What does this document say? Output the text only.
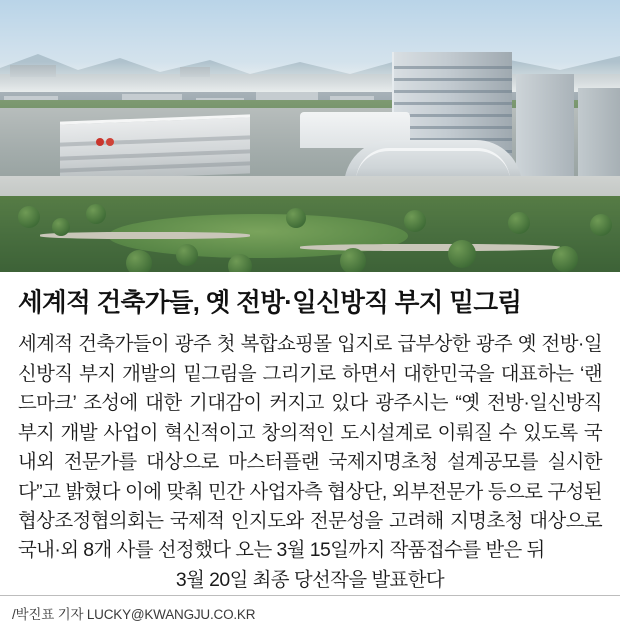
세계적 건축가들, 옛 전방·일신방직 부지 밑그림

세계적 건축가들이 광주 첫 복합쇼핑몰 입지로 급부상한 광주 옛 전방·일신방직 부지 개발의 밑그림을 그리기로 하면서 대한민국을 대표하는 ‘랜드마크’ 조성에 대한 기대감이 커지고 있다 광주시는 “옛 전방·일신방직 부지 개발 사업이 혁신적이고 창의적인 도시설계로 이뤄질 수 있도록 국내외 전문가를 대상으로 마스터플랜 국제지명초청 설계공모를 실시한다”고 밝혔다 이에 맞춰 민간 사업자측 협상단, 외부전문가 등으로 구성된 협상조정협의회는 국제적 인지도와 전문성을 고려해 지명초청 대상으로 국내·외 8개 사를 선정했다 오는 3월 15일까지 작품접수를 받은 뒤
3월 20일 최종 당선작을 발표한다

/박진표 기자 LUCKY@KWANGJU.CO.KR
